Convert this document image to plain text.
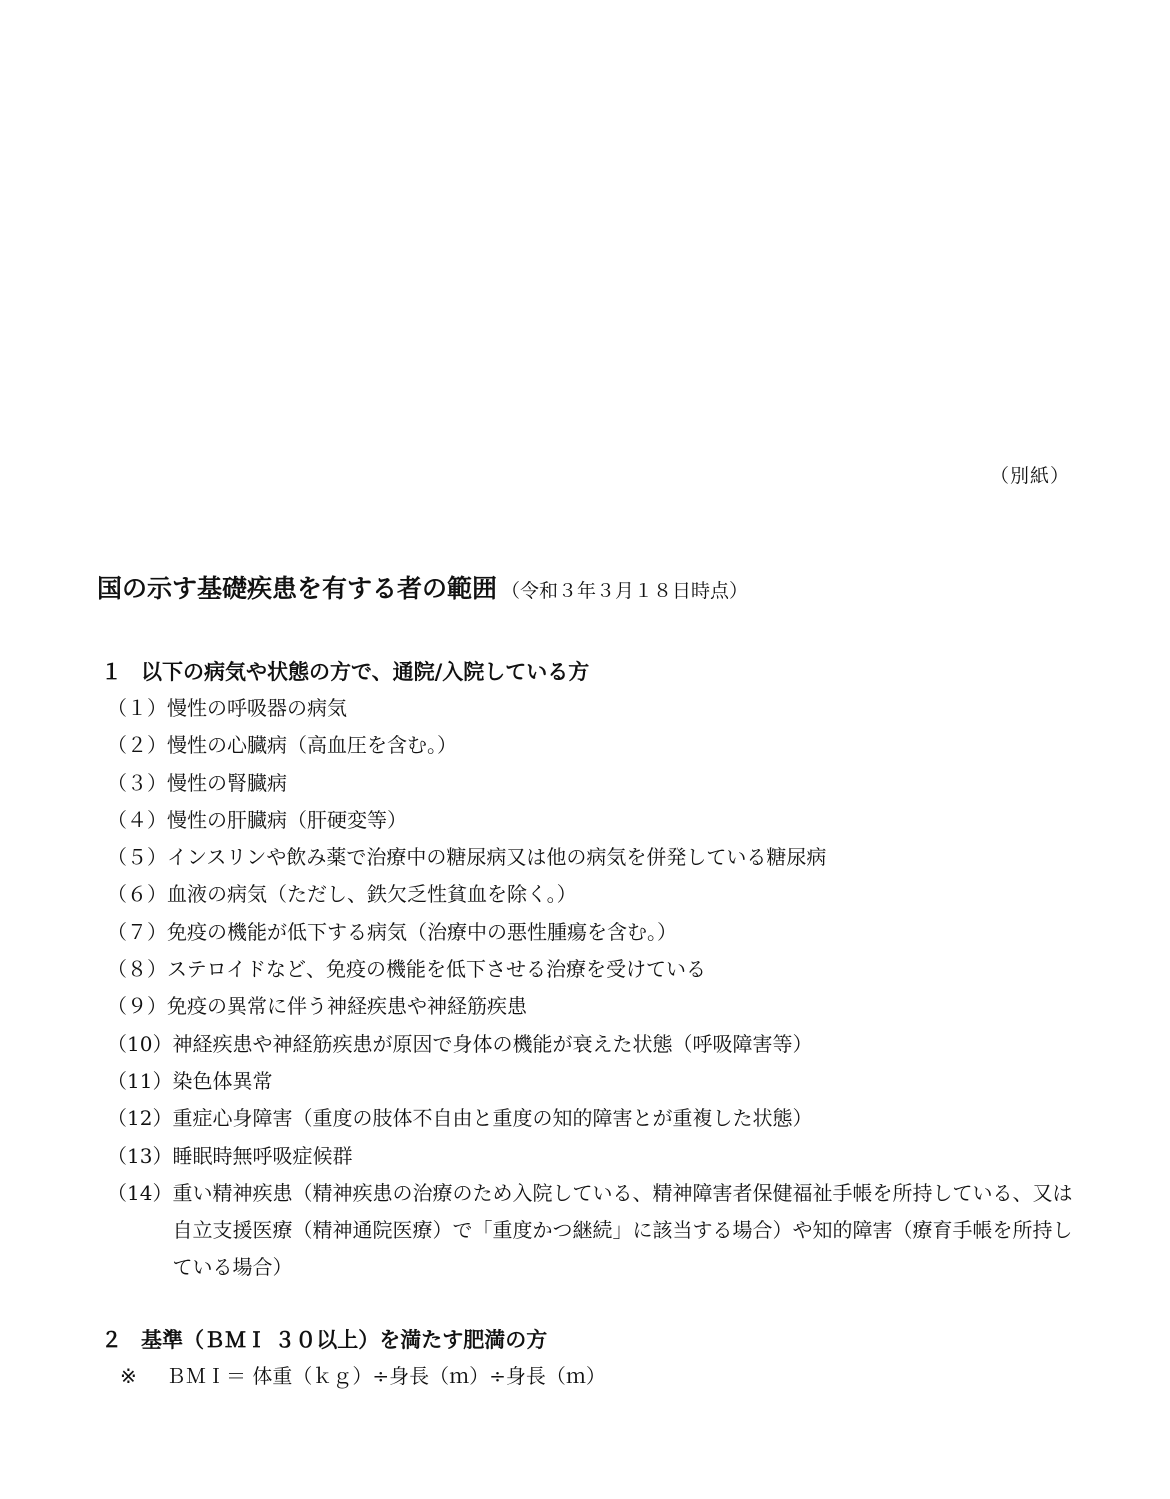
（別紙）
国の示す基礎疾患を有する者の範囲 （令和３年３月１８日時点）
１ 以下の病気や状態の方で、通院/入院している方
（１） 慢性の呼吸器の病気
（２） 慢性の心臓病（高血圧を含む。）
（３） 慢性の腎臓病
（４） 慢性の肝臓病（肝硬変等）
（５） インスリンや飲み薬で治療中の糖尿病又は他の病気を併発している糖尿病
（６） 血液の病気（ただし、鉄欠乏性貧血を除く。）
（７） 免疫の機能が低下する病気（治療中の悪性腫瘍を含む。）
（８） ステロイドなど、免疫の機能を低下させる治療を受けている
（９） 免疫の異常に伴う神経疾患や神経筋疾患
（10） 神経疾患や神経筋疾患が原因で身体の機能が衰えた状態（呼吸障害等）
（11） 染色体異常
（12） 重症心身障害（重度の肢体不自由と重度の知的障害とが重複した状態）
（13） 睡眠時無呼吸症候群
（14） 重い精神疾患（精神疾患の治療のため入院している、精神障害者保健福祉手帳を所持している、又は自立支援医療（精神通院医療）で「重度かつ継続」に該当する場合）や知的障害（療育手帳を所持している場合）
２ 基準（ＢＭＩ ３０以上）を満たす肥満の方
※ ＢＭＩ＝ 体重（ｋｇ）÷身長（ｍ）÷身長（ｍ）
